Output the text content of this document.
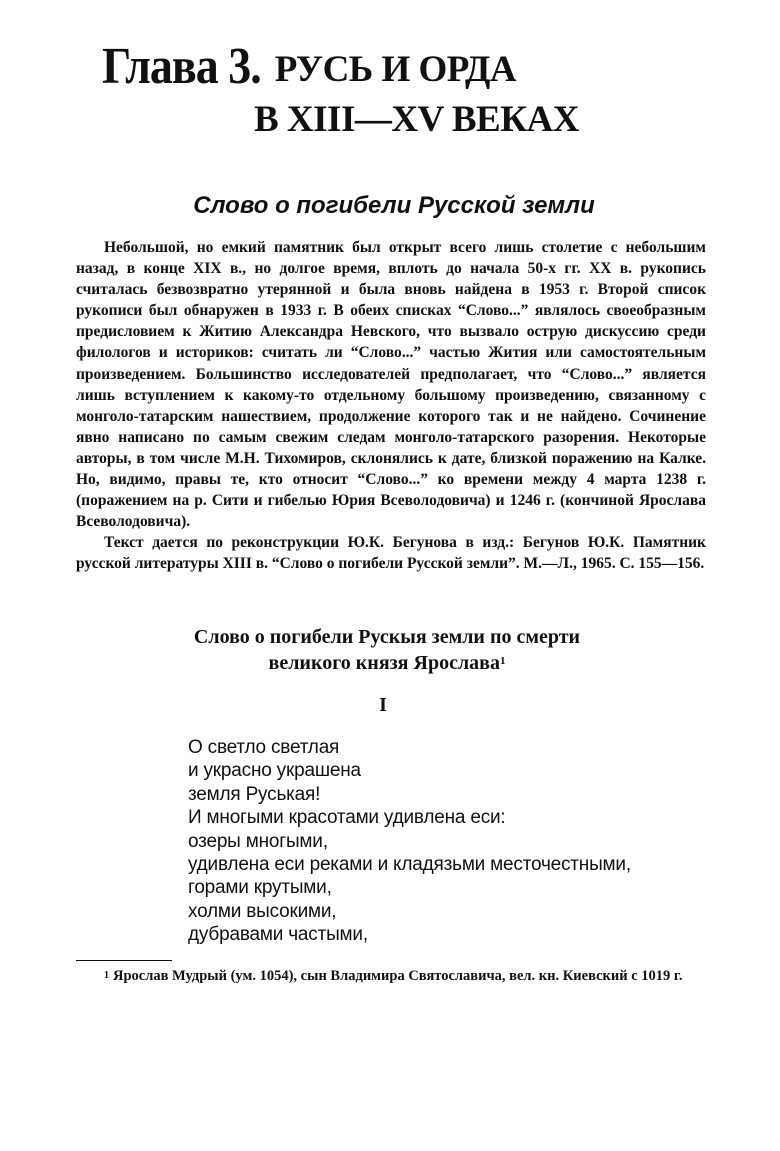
Глава 3. РУСЬ И ОРДА
В XIII—XV ВЕКАХ
Слово о погибели Русской земли

Небольшой, но емкий памятник был открыт всего лишь столетие с небольшим назад, в конце XIX в., но долгое время, вплоть до начала 50-х гг. XX в. рукопись считалась безвозвратно утерянной и была вновь найдена в 1953 г. Второй список рукописи был обнаружен в 1933 г. В обеих списках “Слово...” являлось своеобразным предисловием к Житию Александра Невского, что вызвало острую дискуссию среди филологов и историков: считать ли “Слово...” частью Жития или самостоятельным произведением. Большинство исследователей предполагает, что “Слово...” является лишь вступлением к какому-то отдельному большому произведению, связанному с монголо-татарским нашествием, продолжение которого так и не найдено. Сочинение явно написано по самым свежим следам монголо-татарского разорения. Некоторые авторы, в том числе М.Н. Тихомиров, склонялись к дате, близкой поражению на Калке. Но, видимо, правы те, кто относит “Слово...” ко времени между 4 марта 1238 г. (поражением на р. Сити и гибелью Юрия Всеволодовича) и 1246 г. (кончиной Ярослава Всеволодовича).

Текст дается по реконструкции Ю.К. Бегунова в изд.: Бегунов Ю.К. Памятник русской литературы XIII в. “Слово о погибели Русской земли”. М.—Л., 1965. С. 155—156.

Слово о погибели Рускыя земли по смерти
великого князя Ярослава$^1$
I
О светло светлая
и украсно украшена
земля Руськая!
И многыми красотами удивлена еси:
озеры многыми,
удивлена еси реками и кладязьми месточестными,
горами крутыми,
холми высокими,
дубравами частыми,

$^1$ Ярослав Мудрый (ум. 1054), сын Владимира Святославича, вел. кн. Киевский с 1019 г.
